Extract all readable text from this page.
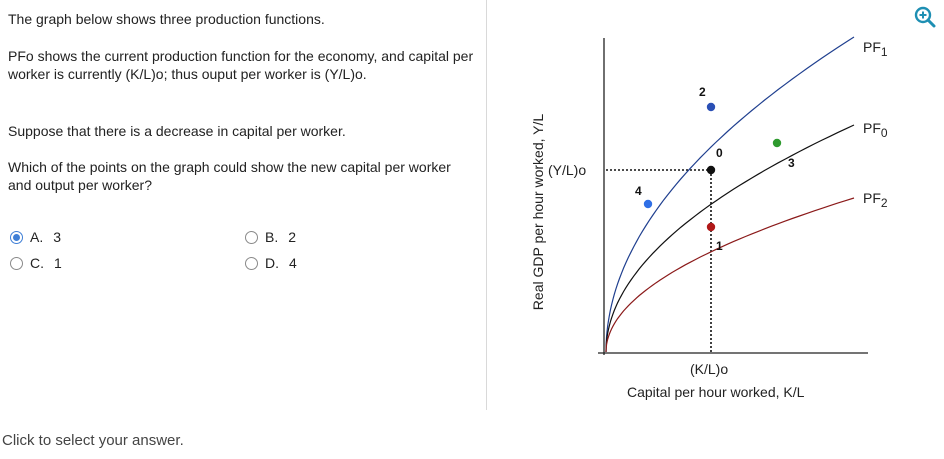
The graph below shows three production functions.

PFo shows the current production function for the economy, and capital per worker is currently (K/L)o; thus ouput per worker is (Y/L)o.

Suppose that there is a decrease in capital per worker.

Which of the points on the graph could show the new capital per worker and output per worker?

A. 3	B. 2
C. 1	D. 4
Click to select your answer.
PF1
PF0
PF2
0
1
2
3
4
(Y/L)o
(K/L)o
Capital per hour worked, K/L
Real GDP per hour worked, Y/L
